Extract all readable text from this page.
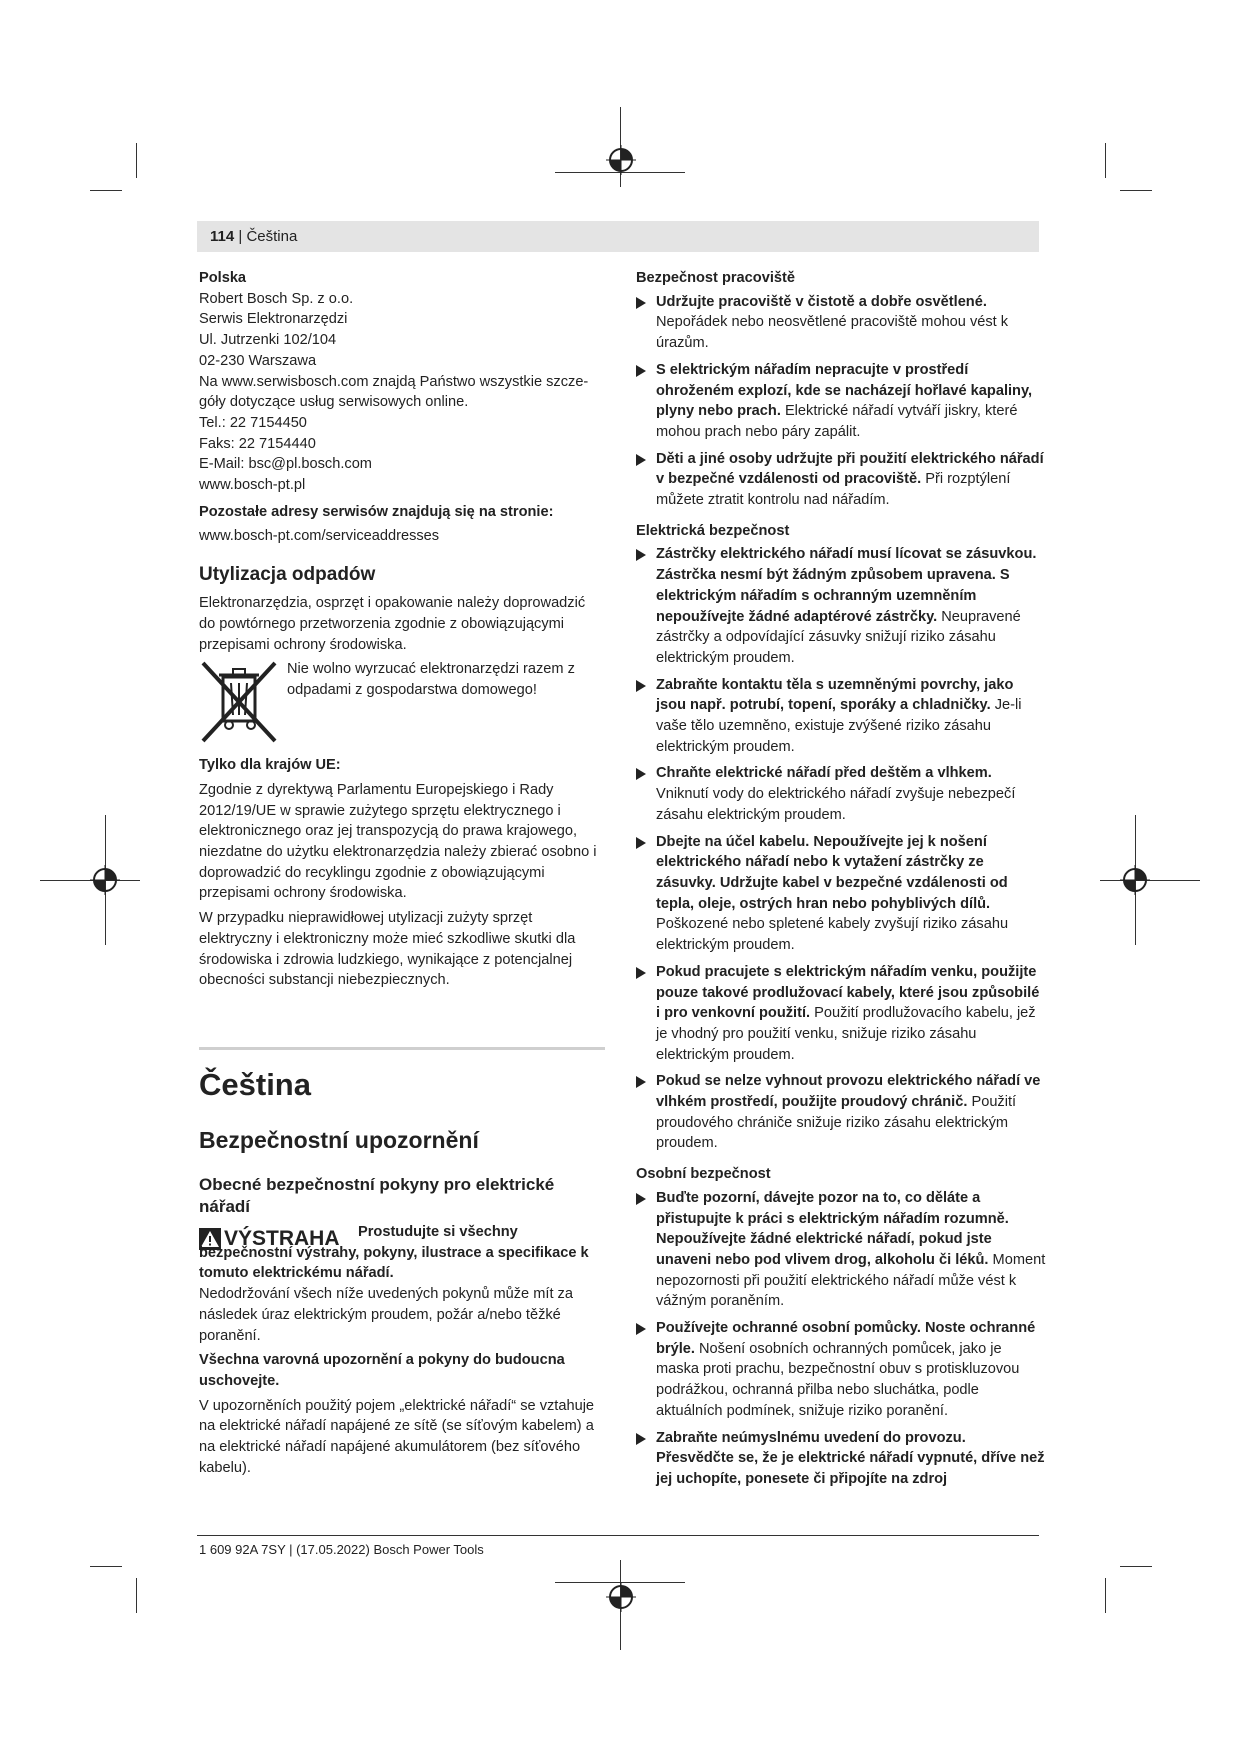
114 | Čeština
Polska
Robert Bosch Sp. z o.o.
Serwis Elektronarzędzi
Ul. Jutrzenki 102/104
02-230 Warszawa
Na www.serwisbosch.com znajdą Państwo wszystkie szcze-
góły dotyczące usług serwisowych online.
Tel.: 22 7154450
Faks: 22 7154440
E-Mail: bsc@pl.bosch.com
www.bosch-pt.pl
Pozostałe adresy serwisów znajdują się na stronie:
www.bosch-pt.com/serviceaddresses
Utylizacja odpadów
Elektronarzędzia, osprzęt i opakowanie należy doprowadzić do powtórnego przetworzenia zgodnie z obowiązującymi przepisami ochrony środowiska.
Nie wolno wyrzucać elektronarzędzi razem z odpadami z gospodarstwa domowego!
Tylko dla krajów UE:
Zgodnie z dyrektywą Parlamentu Europejskiego i Rady 2012/19/UE w sprawie zużytego sprzętu elektrycznego i elektronicznego oraz jej transpozycją do prawa krajowego, niezdatne do użytku elektronarzędzia należy zbierać osobno i doprowadzić do recyklingu zgodnie z obowiązującymi przepisami ochrony środowiska.
W przypadku nieprawidłowej utylizacji zużyty sprzęt elektryczny i elektroniczny może mieć szkodliwe skutki dla środowiska i zdrowia ludzkiego, wynikające z potencjalnej obecności substancji niebezpiecznych.
Čeština
Bezpečnostní upozornění
Obecné bezpečnostní pokyny pro elektrické nářadí
VÝSTRAHA	Prostudujte si všechny bezpečnostní výstrahy, pokyny, ilustrace a specifikace k tomuto elektrickému nářadí.
Nedodržování všech níže uvedených pokynů může mít za následek úraz elektrickým proudem, požár a/nebo těžké poranění.
Všechna varovná upozornění a pokyny do budoucna uschovejte.
V upozorněních použitý pojem „elektrické nářadí“ se vztahuje na elektrické nářadí napájené ze sítě (se síťovým kabelem) a na elektrické nářadí napájené akumulátorem (bez síťového kabelu).
Bezpečnost pracoviště
Udržujte pracoviště v čistotě a dobře osvětlené. Nepořádek nebo neosvětlené pracoviště mohou vést k úrazům.
S elektrickým nářadím nepracujte v prostředí ohroženém explozí, kde se nacházejí hořlavé kapaliny, plyny nebo prach. Elektrické nářadí vytváří jiskry, které mohou prach nebo páry zapálit.
Děti a jiné osoby udržujte při použití elektrického nářadí v bezpečné vzdálenosti od pracoviště. Při rozptýlení můžete ztratit kontrolu nad nářadím.
Elektrická bezpečnost
Zástrčky elektrického nářadí musí lícovat se zásuvkou. Zástrčka nesmí být žádným způsobem upravena. S elektrickým nářadím s ochranným uzemněním nepoužívejte žádné adaptérové zástrčky. Neupravené zástrčky a odpovídající zásuvky snižují riziko zásahu elektrickým proudem.
Zabraňte kontaktu těla s uzemněnými povrchy, jako jsou např. potrubí, topení, sporáky a chladničky. Je-li vaše tělo uzemněno, existuje zvýšené riziko zásahu elektrickým proudem.
Chraňte elektrické nářadí před deštěm a vlhkem. Vniknutí vody do elektrického nářadí zvyšuje nebezpečí zásahu elektrickým proudem.
Dbejte na účel kabelu. Nepoužívejte jej k nošení elektrického nářadí nebo k vytažení zástrčky ze zásuvky. Udržujte kabel v bezpečné vzdálenosti od tepla, oleje, ostrých hran nebo pohyblivých dílů. Poškozené nebo spletené kabely zvyšují riziko zásahu elektrickým proudem.
Pokud pracujete s elektrickým nářadím venku, použijte pouze takové prodlužovací kabely, které jsou způsobilé i pro venkovní použití. Použití prodlužovacího kabelu, jež je vhodný pro použití venku, snižuje riziko zásahu elektrickým proudem.
Pokud se nelze vyhnout provozu elektrického nářadí ve vlhkém prostředí, použijte proudový chránič. Použití proudového chrániče snižuje riziko zásahu elektrickým proudem.
Osobní bezpečnost
Buďte pozorní, dávejte pozor na to, co děláte a přistupujte k práci s elektrickým nářadím rozumně. Nepoužívejte žádné elektrické nářadí, pokud jste unaveni nebo pod vlivem drog, alkoholu či léků. Moment nepozornosti při použití elektrického nářadí může vést k vážným poraněním.
Používejte ochranné osobní pomůcky. Noste ochranné brýle. Nošení osobních ochranných pomůcek, jako je maska proti prachu, bezpečnostní obuv s protiskluzovou podrážkou, ochranná přilba nebo sluchátka, podle aktuálních podmínek, snižuje riziko poranění.
Zabraňte neúmyslnému uvedení do provozu. Přesvědčte se, že je elektrické nářadí vypnuté, dříve než jej uchopíte, ponesete či připojíte na zdroj
1 609 92A 7SY | (17.05.2022) Bosch Power Tools
